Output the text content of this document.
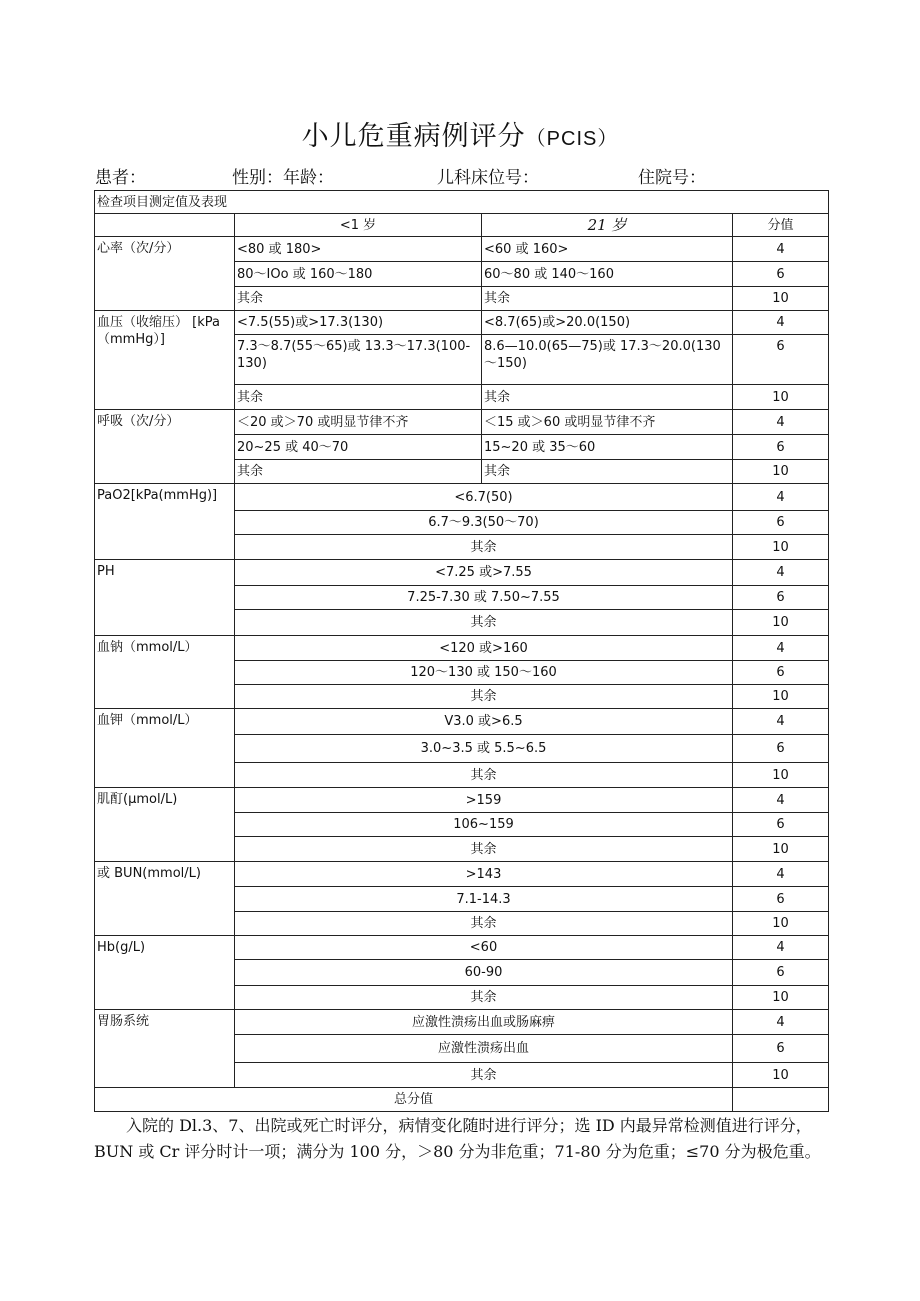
小儿危重病例评分（PCIS）
患者：	性别：年龄：	儿科床位号：	住院号：
检查项目测定值及表现			
	<1 岁	21 岁	分值
心率（次/分）	<80 或 180>	<60 或 160>	4
	80～IOo 或 160～180	60～80 或 140～160	6
	其余	其余	10
血压（收缩压） [kPa（mmHg）]	<7.5(55)或>17.3(130)	<8.7(65)或>20.0(150)	4
	7.3～8.7(55～65)或 13.3～17.3(100-130)	8.6—10.0(65—75)或 17.3～20.0(130～150)	6
	其余	其余	10
呼吸（次/分）	＜20 或＞70 或明显节律不齐	＜15 或＞60 或明显节律不齐	4
	20~25 或 40～70	15~20 或 35～60	6
	其余	其余	10
PaO2[kPa(mmHg)]	<6.7(50)		4
	6.7～9.3(50～70)		6
	其余		10
PH	<7.25 或>7.55		4
	7.25-7.30 或 7.50~7.55		6
	其余		10
血钠（mmol/L）	<120 或>160		4
	120～130 或 150～160		6
	其余		10
血钾（mmol/L）	V3.0 或>6.5		4
	3.0~3.5 或 5.5~6.5		6
	其余		10
肌酊(μmol/L)	>159		4
	106~159		6
	其余		10
或 BUN(mmol/L)	>143		4
	7.1-14.3		6
	其余		10
Hb(g/L)	<60		4
	60-90		6
	其余		10
胃肠系统	应激性溃疡出血或肠麻痹		4
	应激性溃疡出血		6
	其余		10
总分值			
入院的 Dl.3、7、出院或死亡时评分，病情变化随时进行评分；选 ID 内最异常检测值进行评分，BUN 或 Cr 评分时计一项；满分为 100 分，＞80 分为非危重；71-80 分为危重；≤70 分为极危重。
